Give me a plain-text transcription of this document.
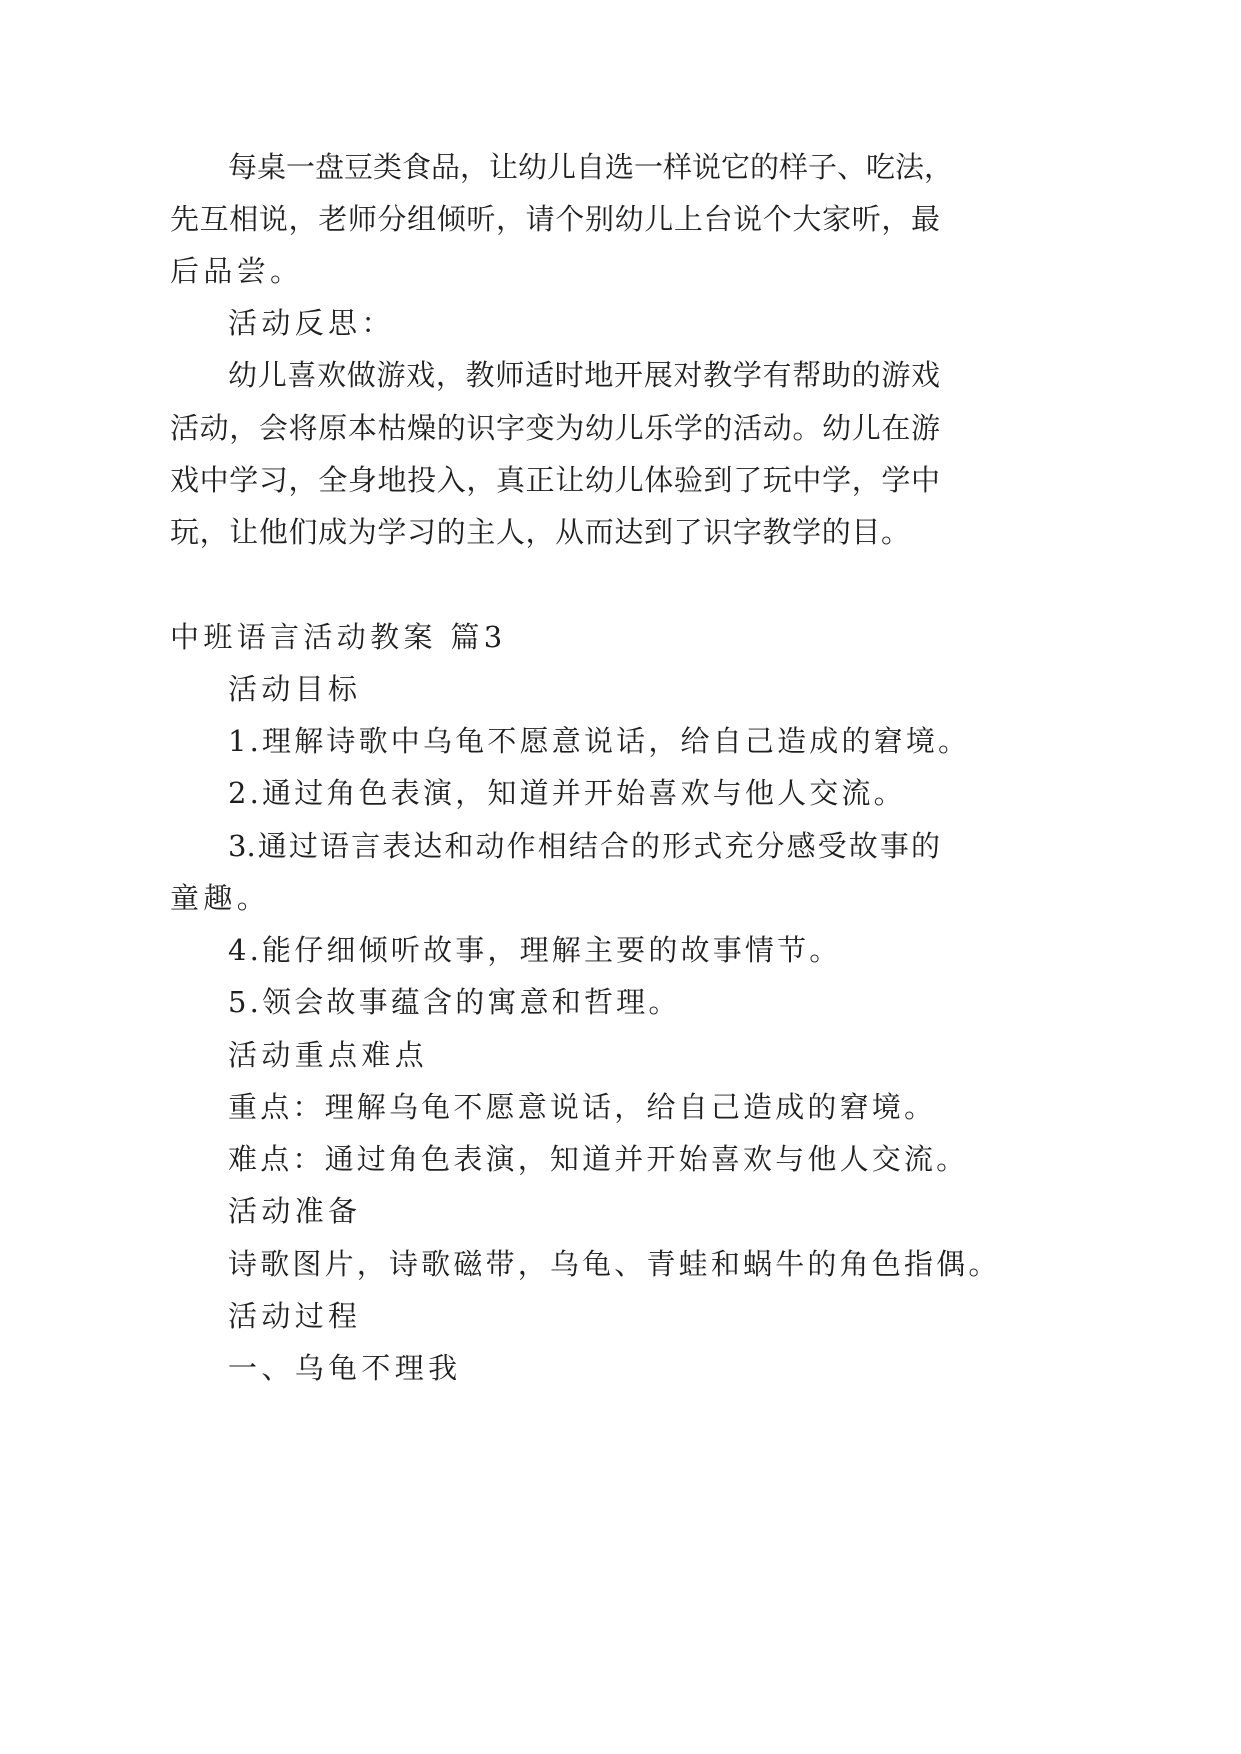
每桌一盘豆类食品，让幼儿自选一样说它的样子、吃法，
先互相说，老师分组倾听，请个别幼儿上台说个大家听，最
后品尝。
活动反思：
幼儿喜欢做游戏，教师适时地开展对教学有帮助的游戏
活动，会将原本枯燥的识字变为幼儿乐学的活动。幼儿在游
戏中学习，全身地投入，真正让幼儿体验到了玩中学，学中
玩，让他们成为学习的主人，从而达到了识字教学的目。
中班语言活动教案 篇3
活动目标
1.理解诗歌中乌龟不愿意说话，给自己造成的窘境。
2.通过角色表演，知道并开始喜欢与他人交流。
3.通过语言表达和动作相结合的形式充分感受故事的
童趣。
4.能仔细倾听故事，理解主要的故事情节。
5.领会故事蕴含的寓意和哲理。
活动重点难点
重点：理解乌龟不愿意说话，给自己造成的窘境。
难点：通过角色表演，知道并开始喜欢与他人交流。
活动准备
诗歌图片，诗歌磁带，乌龟、青蛙和蜗牛的角色指偶。
活动过程
一、乌龟不理我
